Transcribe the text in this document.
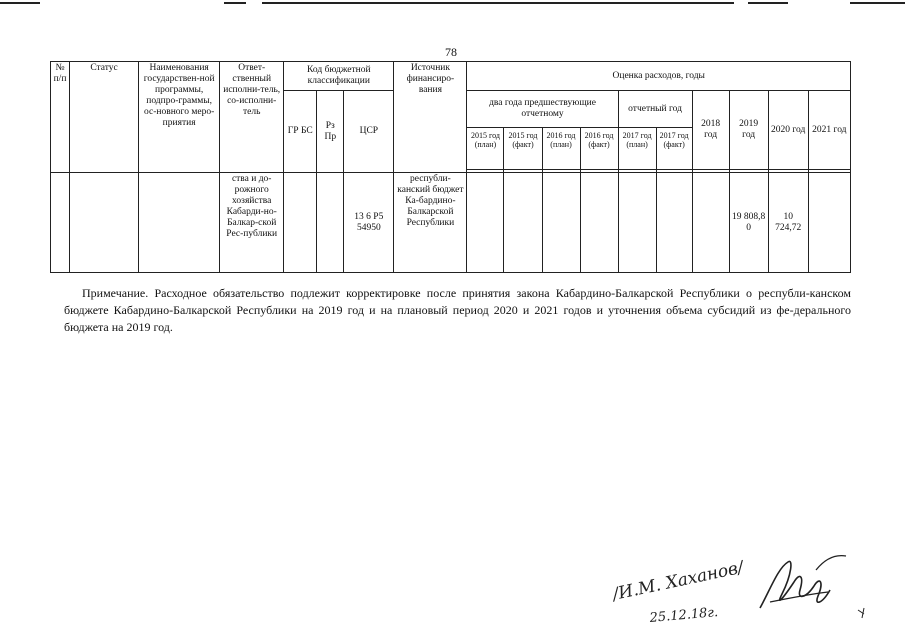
78
№ п/п	Статус	Наименования государствен-ной программы, подпро-граммы, ос-новного меро-приятия	Ответ-ственный исполни-тель, со-исполни-тель	Код бюджетной классификации			Источник финансиро-вания	Оценка расходов, годы									
				ГР БС	Рз Пр	ЦСР		два года предшествующие отчетному				отчетный год		2018 год	2019 год	2020 год	2021 год
								2015 год (план)	2015 год (факт)	2016 год (план)	2016 год (факт)	2017 год (план)	2017 год (факт)				

			ства и до-рожного хозяйства Кабарди-но-Балкар-ской Рес-публики			13 6 Р5 54950	республи-канский бюджет Ка-бардино-Балкарской Республики								19 808,8 0	10 724,72	
Примечание. Расходное обязательство подлежит корректировке после принятия закона Кабардино-Балкарской Республики о республи-канском бюджете Кабардино-Балкарской Республики на 2019 год и на плановый период 2020 и 2021 годов и уточнения объема субсидий из фе-дерального бюджета на 2019 год.
/И.М. Хаханов/
25.12.18г.
